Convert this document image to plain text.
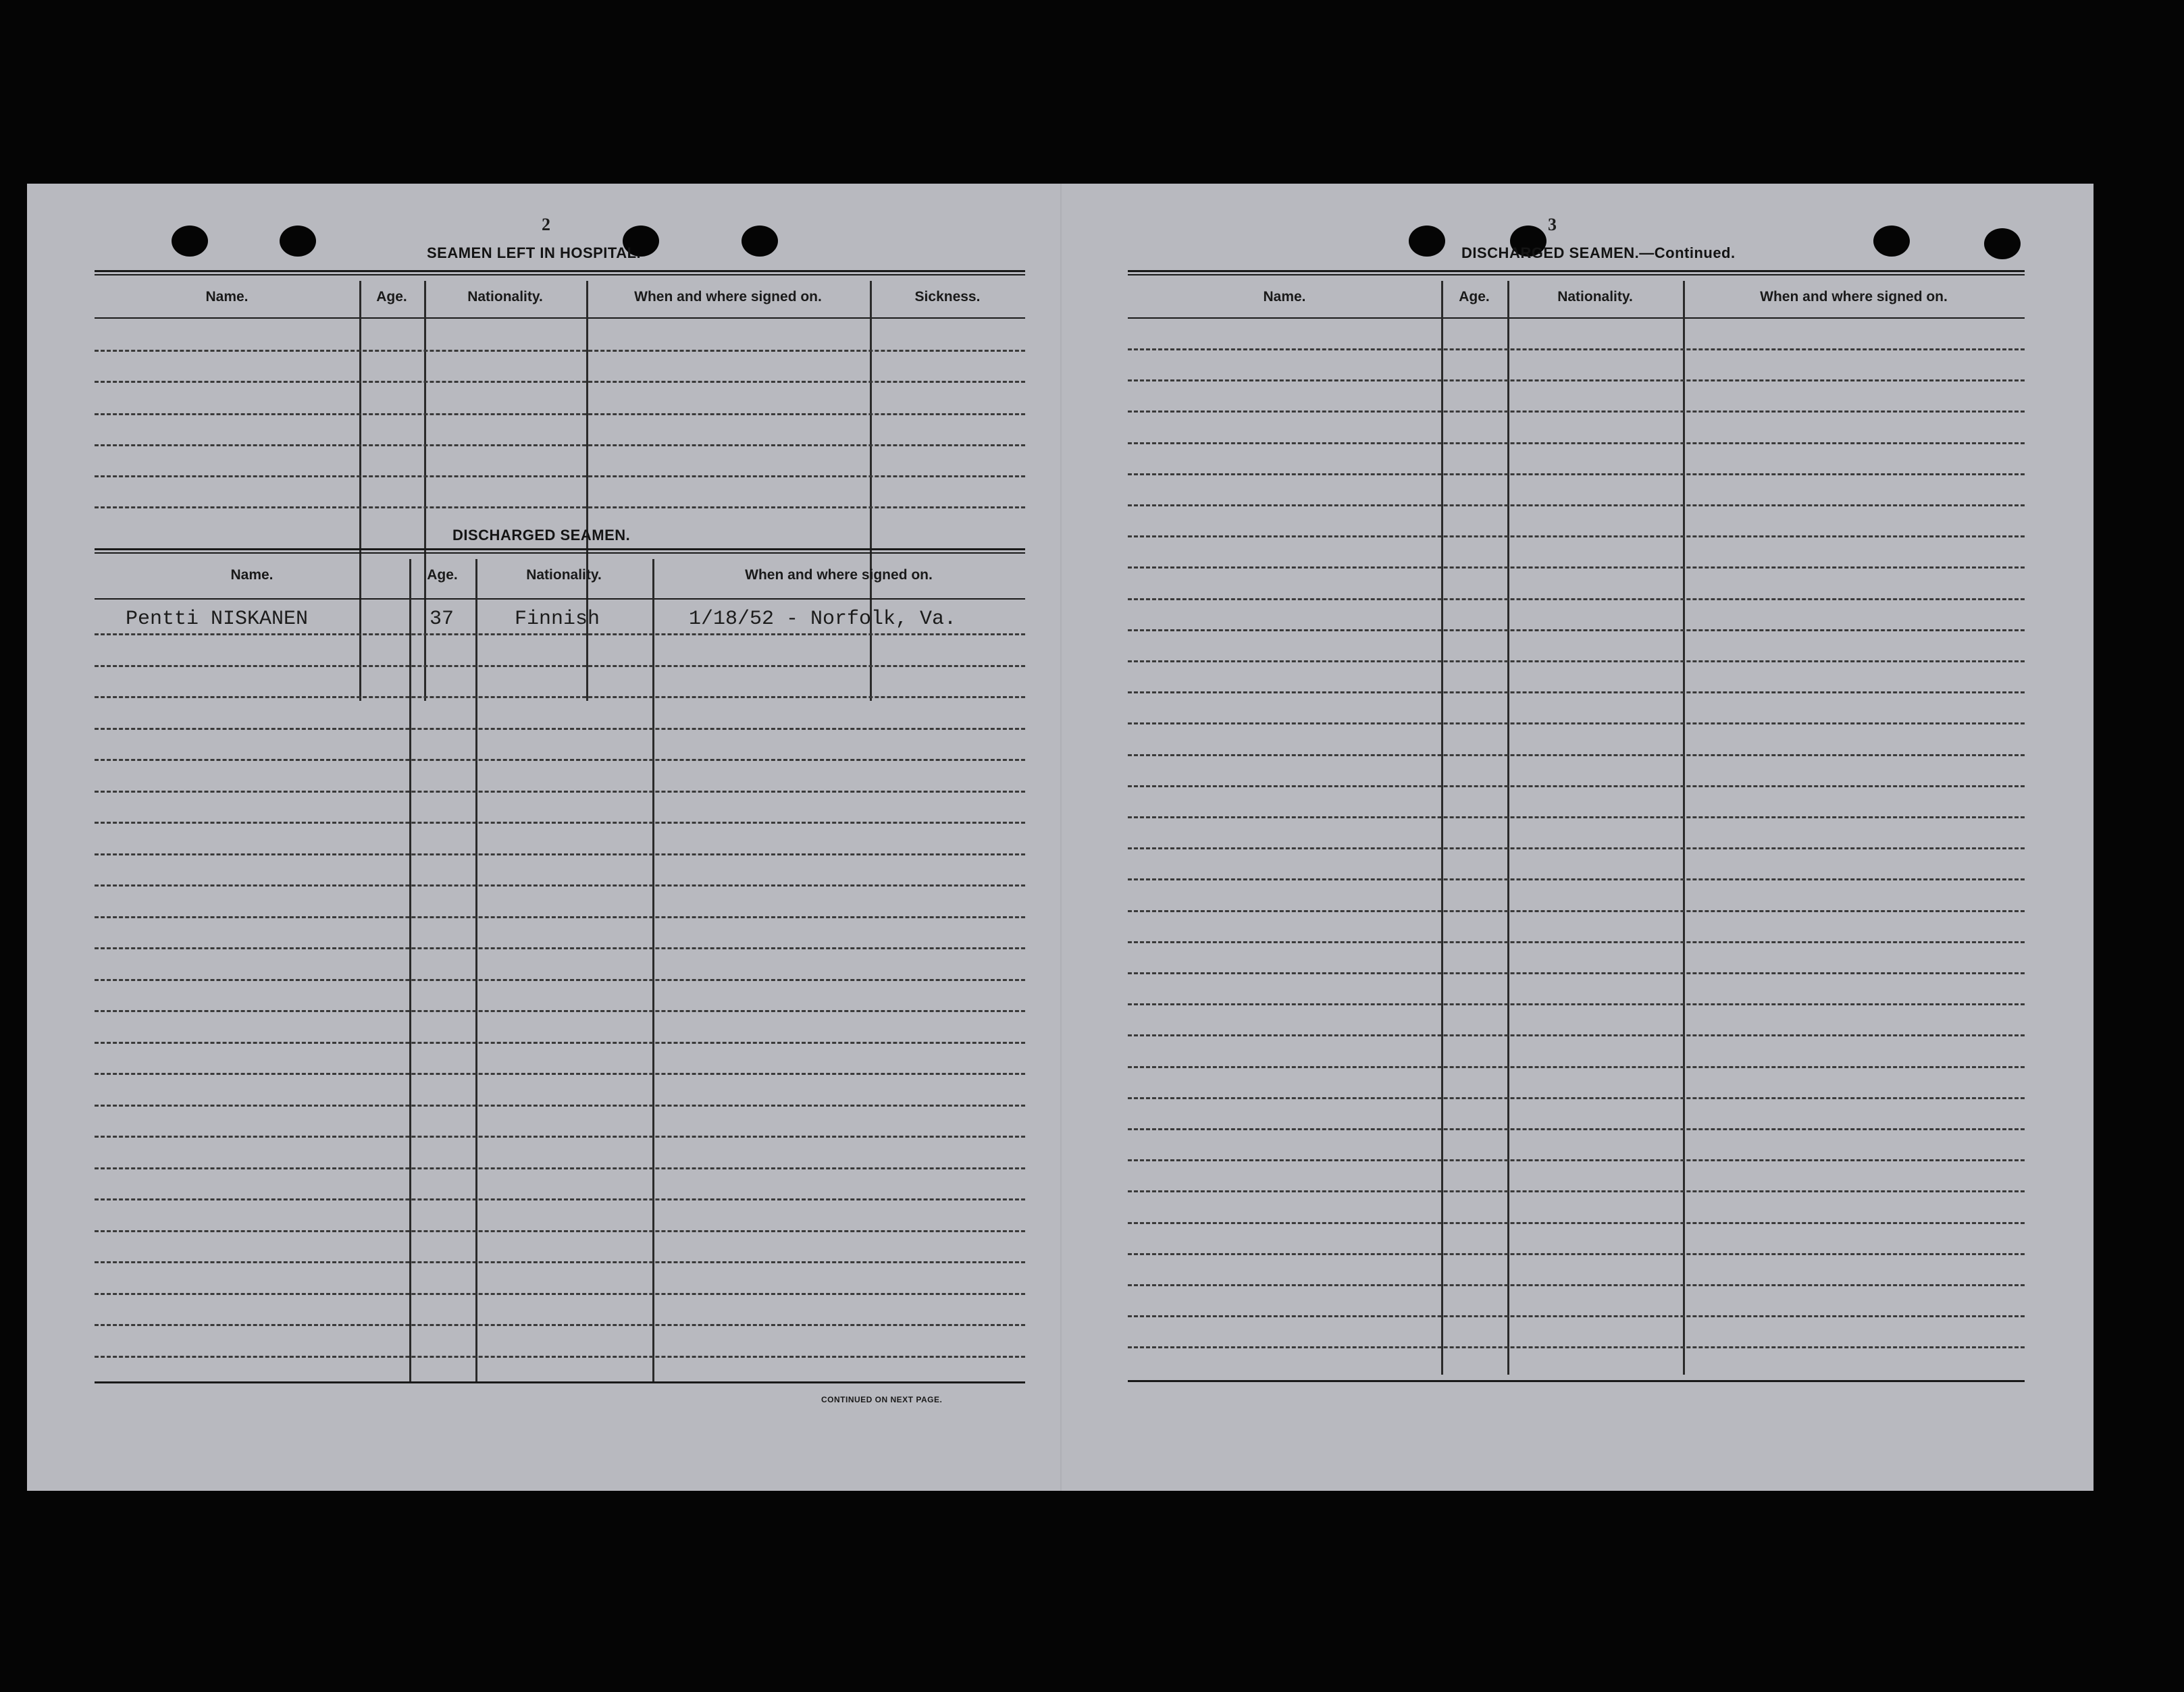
2
SEAMEN LEFT IN HOSPITAL.
Name.	Age.	Nationality.	When and where signed on.	Sickness.
DISCHARGED SEAMEN.
Name.	Age.	Nationality.	When and where signed on.
Pentti NISKANEN	37	Finnish	1/18/52 - Norfolk, Va.
CONTINUED ON NEXT PAGE.
3
DISCHARGED SEAMEN.—Continued.
Name.	Age.	Nationality.	When and where signed on.
